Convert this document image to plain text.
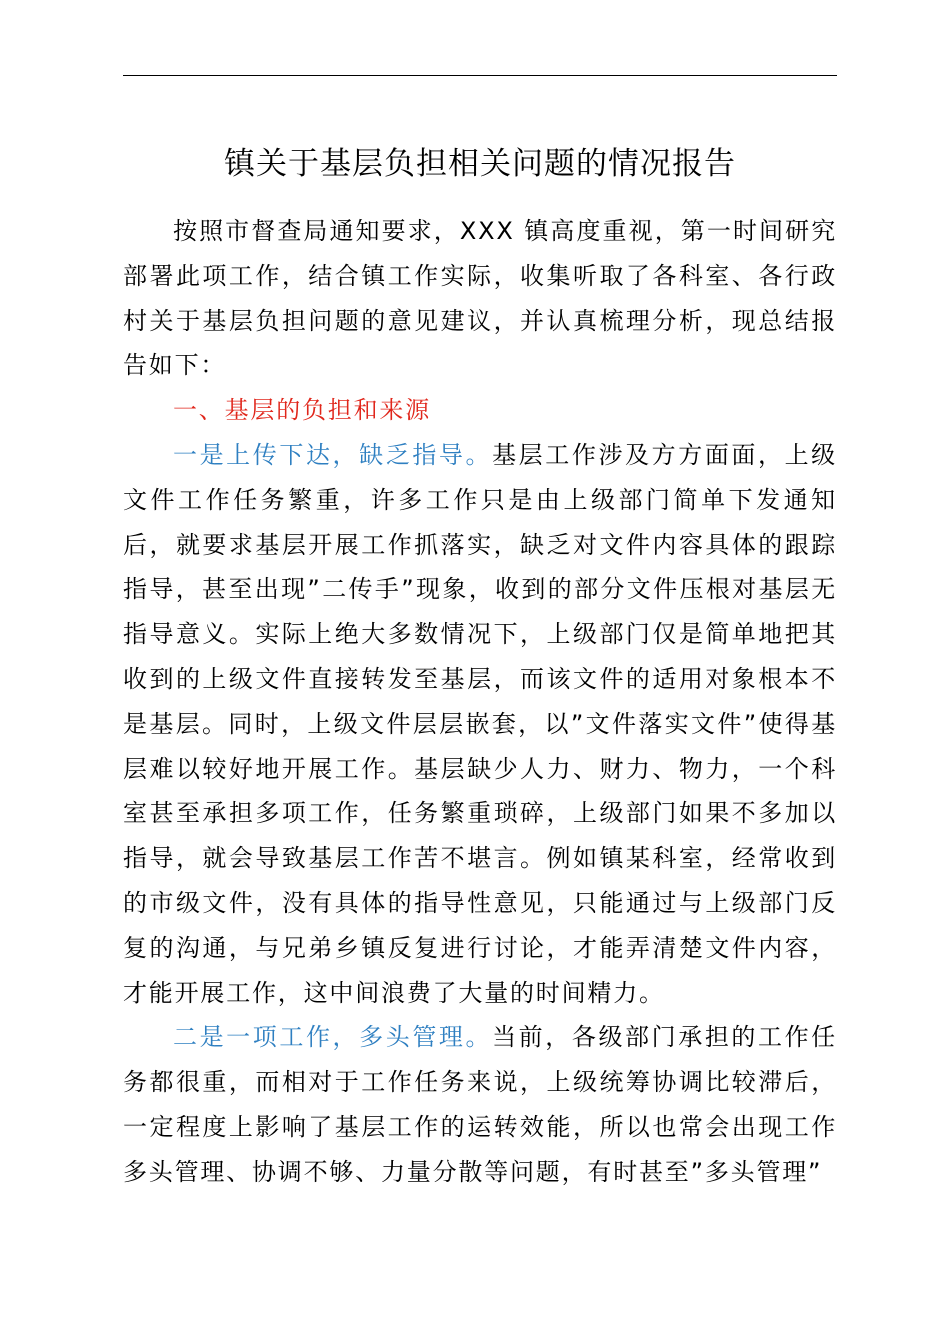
镇关于基层负担相关问题的情况报告

按照市督查局通知要求，XXX 镇高度重视，第一时间研究部署此项工作，结合镇工作实际，收集听取了各科室、各行政村关于基层负担问题的意见建议，并认真梳理分析，现总结报告如下：

一、基层的负担和来源

一是上传下达，缺乏指导。基层工作涉及方方面面，上级文件工作任务繁重，许多工作只是由上级部门简单下发通知后，就要求基层开展工作抓落实，缺乏对文件内容具体的跟踪指导，甚至出现”二传手”现象，收到的部分文件压根对基层无指导意义。实际上绝大多数情况下，上级部门仅是简单地把其收到的上级文件直接转发至基层，而该文件的适用对象根本不是基层。同时，上级文件层层嵌套，以”文件落实文件”使得基层难以较好地开展工作。基层缺少人力、财力、物力，一个科室甚至承担多项工作，任务繁重琐碎，上级部门如果不多加以指导，就会导致基层工作苦不堪言。例如镇某科室，经常收到的市级文件，没有具体的指导性意见，只能通过与上级部门反复的沟通，与兄弟乡镇反复进行讨论，才能弄清楚文件内容，才能开展工作，这中间浪费了大量的时间精力。

二是一项工作，多头管理。当前，各级部门承担的工作任务都很重，而相对于工作任务来说，上级统筹协调比较滞后，一定程度上影响了基层工作的运转效能，所以也常会出现工作多头管理、协调不够、力量分散等问题，有时甚至”多头管理”
